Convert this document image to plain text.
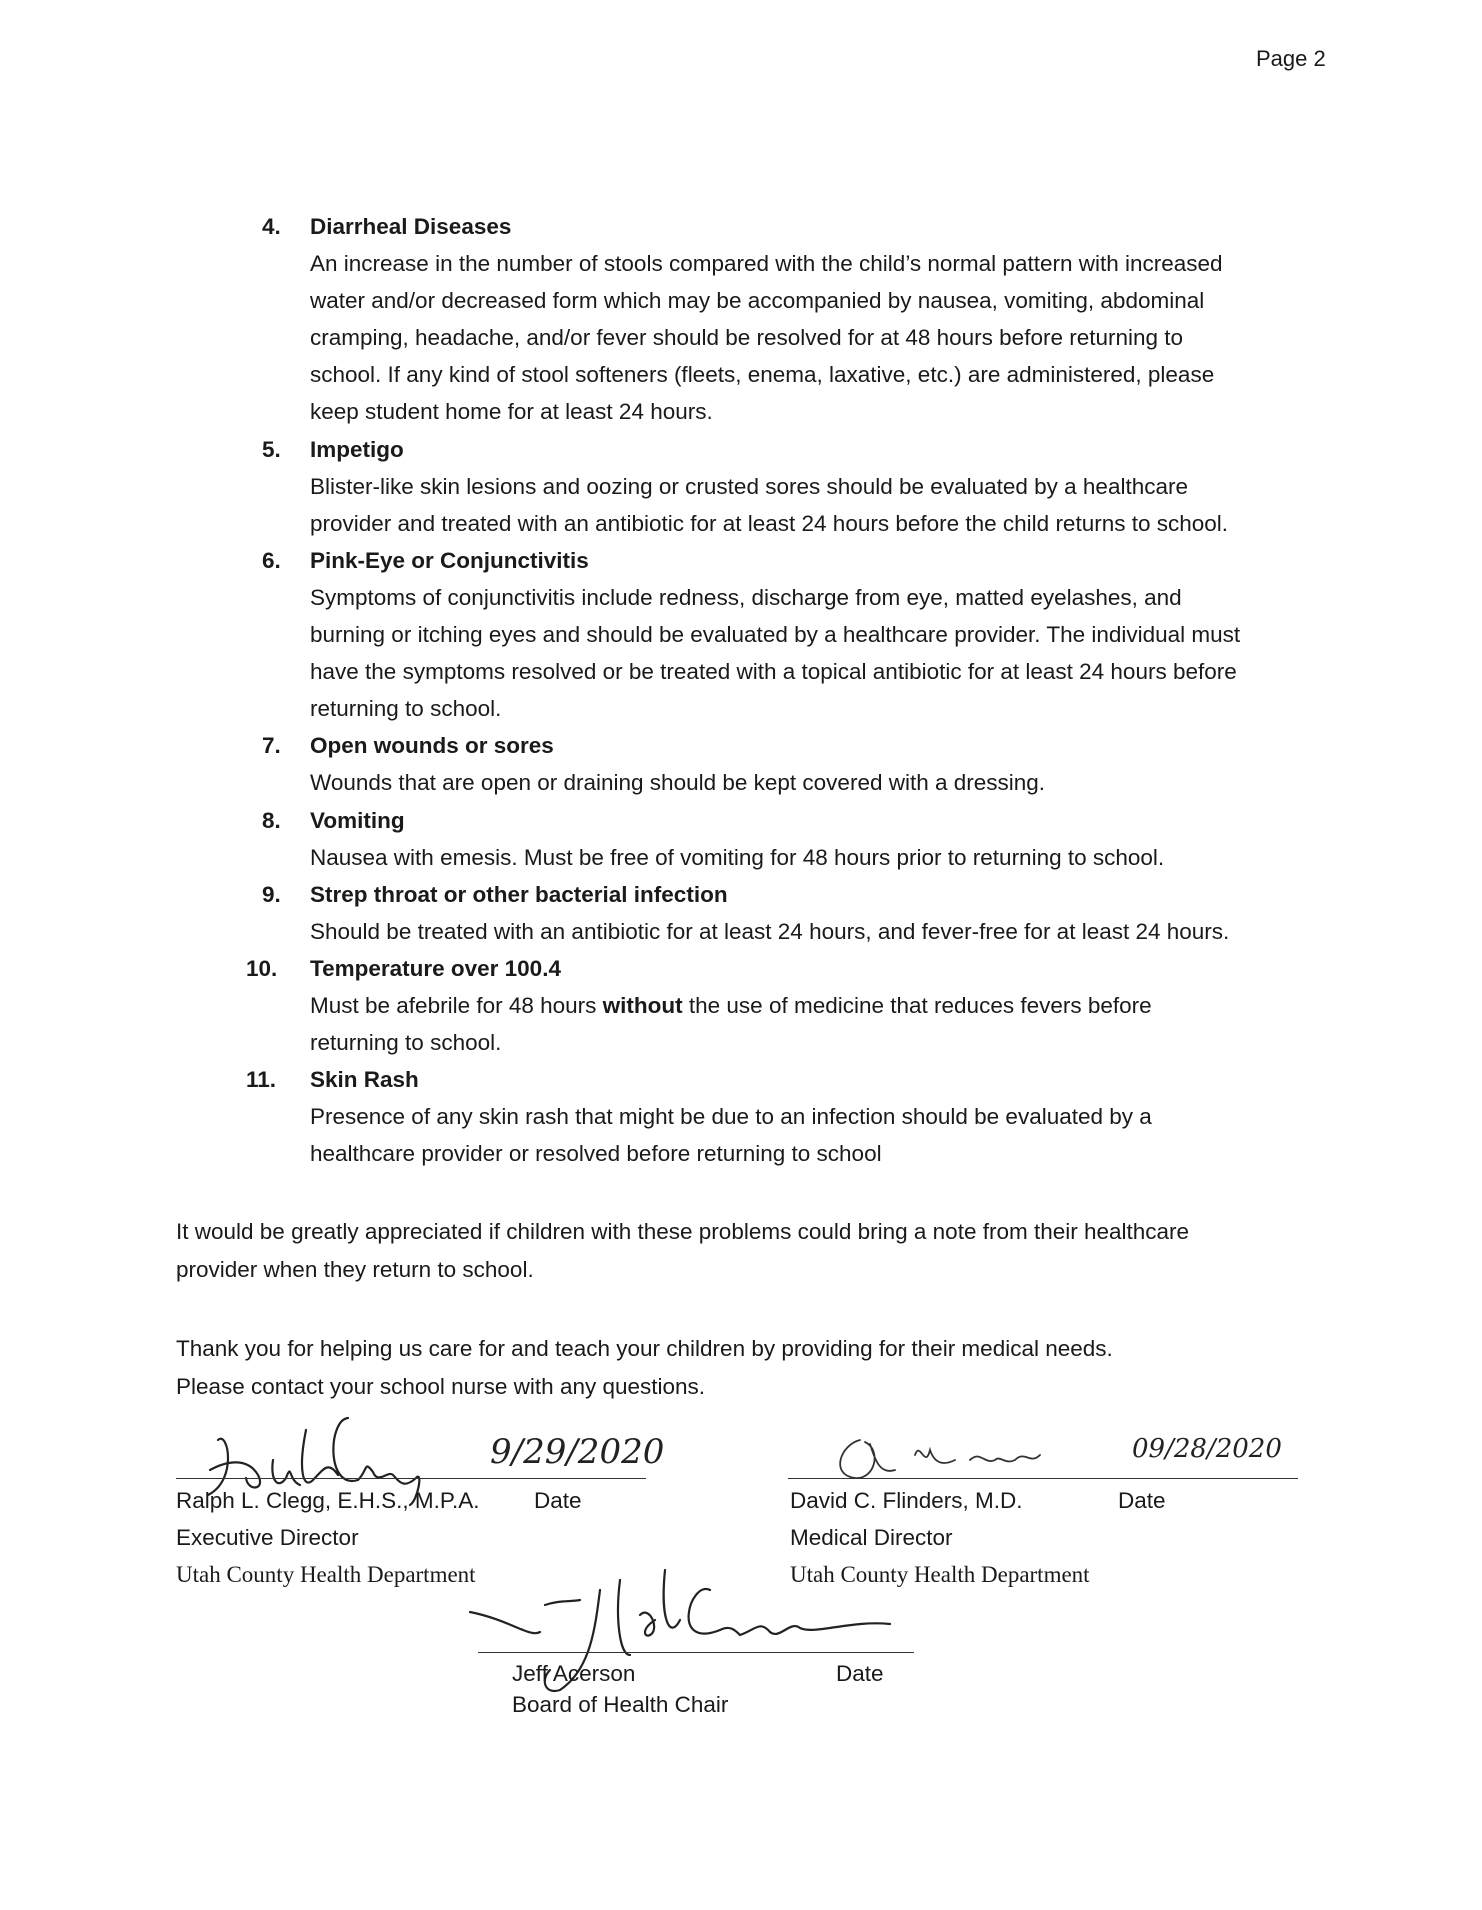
Page 2
4.	Diarrheal Diseases
An increase in the number of stools compared with the child’s normal pattern with increased
water and/or decreased form which may be accompanied by nausea, vomiting, abdominal
cramping, headache, and/or fever should be resolved for at 48 hours before returning to
school. If any kind of stool softeners (fleets, enema, laxative, etc.) are administered, please
keep student home for at least 24 hours.
5.	Impetigo
Blister-like skin lesions and oozing or crusted sores should be evaluated by a healthcare
provider and treated with an antibiotic for at least 24 hours before the child returns to school.
6.	Pink-Eye or Conjunctivitis
Symptoms of conjunctivitis include redness, discharge from eye, matted eyelashes, and
burning or itching eyes and should be evaluated by a healthcare provider. The individual must
have the symptoms resolved or be treated with a topical antibiotic for at least 24 hours before
returning to school.
7.	Open wounds or sores
Wounds that are open or draining should be kept covered with a dressing.
8.	Vomiting
Nausea with emesis. Must be free of vomiting for 48 hours prior to returning to school.
9.	Strep throat or other bacterial infection
Should be treated with an antibiotic for at least 24 hours, and fever-free for at least 24 hours.
10.	Temperature over 100.4
Must be afebrile for 48 hours without the use of medicine that reduces fevers before
returning to school.
11.	Skin Rash
Presence of any skin rash that might be due to an infection should be evaluated by a
healthcare provider or resolved before returning to school
It would be greatly appreciated if children with these problems could bring a note from their healthcare
provider when they return to school.
Thank you for helping us care for and teach your children by providing for their medical needs.
Please contact your school nurse with any questions.
9/29/2020
Ralph L. Clegg, E.H.S., M.P.A. Date
Executive Director
Utah County Health Department
09/28/2020
David C. Flinders, M.D.	Date
Medical Director
Utah County Health Department
Jeff Acerson	Date
Board of Health Chair
